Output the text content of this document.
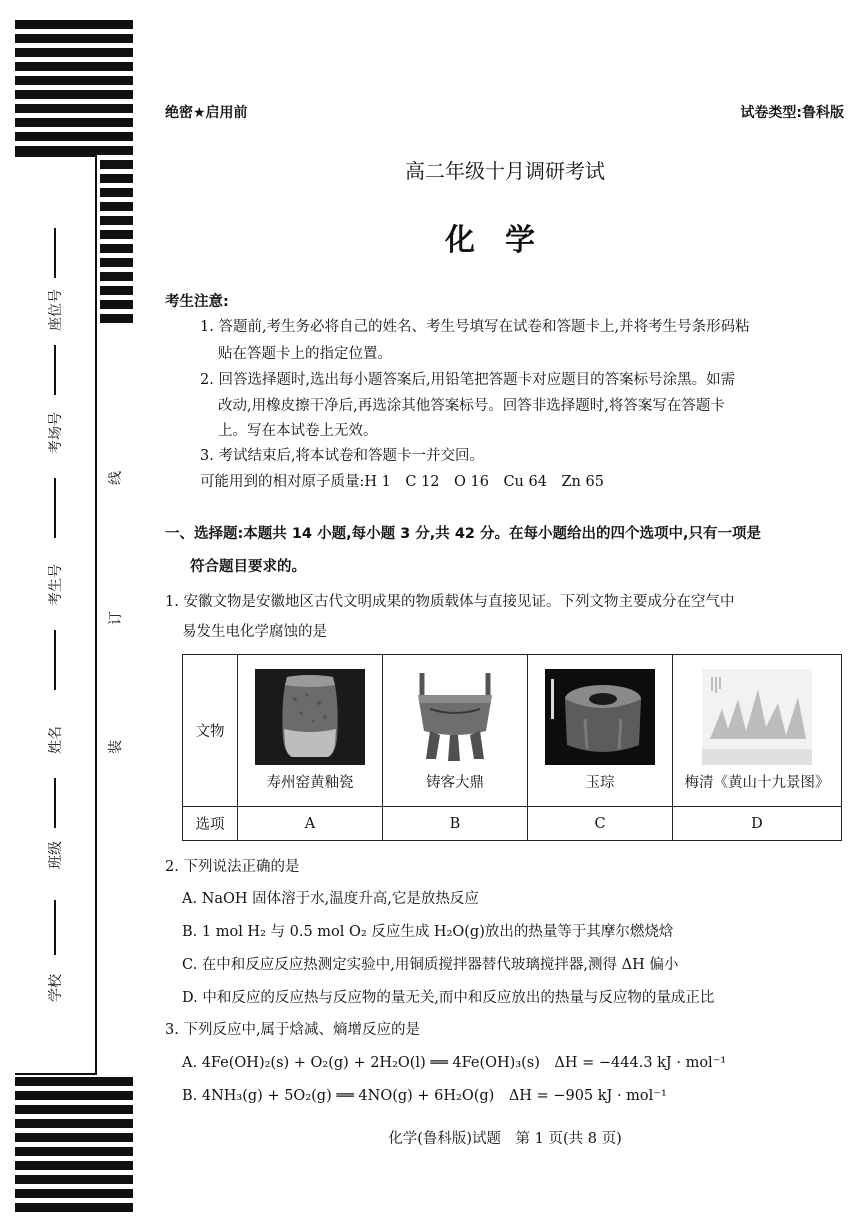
座位号
考场号
考生号
姓名
班级
学校
线
订
装
绝密★启用前	试卷类型:鲁科版
高二年级十月调研考试
化学
考生注意:
1. 答题前,考生务必将自己的姓名、考生号填写在试卷和答题卡上,并将考生号条形码粘
贴在答题卡上的指定位置。
2. 回答选择题时,选出每小题答案后,用铅笔把答题卡对应题目的答案标号涂黑。如需
改动,用橡皮擦干净后,再选涂其他答案标号。回答非选择题时,将答案写在答题卡
上。写在本试卷上无效。
3. 考试结束后,将本试卷和答题卡一并交回。
可能用到的相对原子质量:H 1　C 12　O 16　Cu 64　Zn 65
一、选择题:本题共 14 小题,每小题 3 分,共 42 分。在每小题给出的四个选项中,只有一项是
符合题目要求的。
1. 安徽文物是安徽地区古代文明成果的物质载体与直接见证。下列文物主要成分在空气中
易发生电化学腐蚀的是
文物	寿州窑黄釉瓷	铸客大鼎	玉琮	梅清《黄山十九景图》

选项	A	B	C	D
2. 下列说法正确的是
A. NaOH 固体溶于水,温度升高,它是放热反应
B. 1 mol H₂ 与 0.5 mol O₂ 反应生成 H₂O(g)放出的热量等于其摩尔燃烧焓
C. 在中和反应反应热测定实验中,用铜质搅拌器替代玻璃搅拌器,测得 ΔH 偏小
D. 中和反应的反应热与反应物的量无关,而中和反应放出的热量与反应物的量成正比
3. 下列反应中,属于焓减、熵增反应的是
A. 4Fe(OH)₂(s) + O₂(g) + 2H₂O(l) ══ 4Fe(OH)₃(s)　ΔH = −444.3 kJ · mol⁻¹
B. 4NH₃(g) + 5O₂(g) ══ 4NO(g) + 6H₂O(g)　ΔH = −905 kJ · mol⁻¹
化学(鲁科版)试题　第 1 页(共 8 页)
